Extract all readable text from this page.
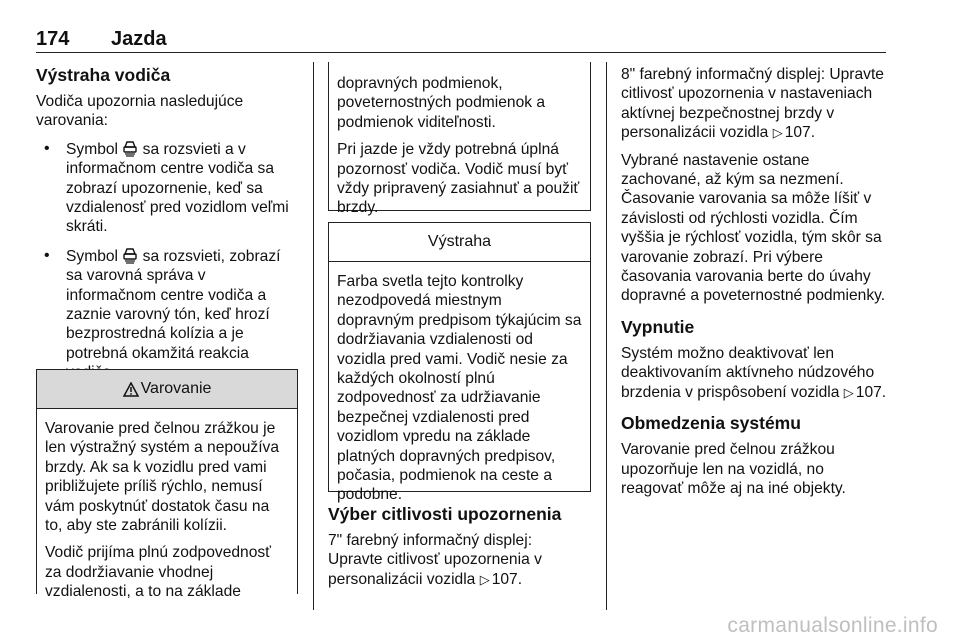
174 Jazda
Výstraha vodiča

Vodiča upozornia nasledujúce varovania:

• Symbol  sa rozsvieti a v informačnom centre vodiča sa zobrazí upozornenie, keď sa vzdialenosť pred vozidlom veľmi skráti.
• Symbol  sa rozsvieti, zobrazí sa varovná správa v informačnom centre vodiča a zaznie varovný tón, keď hrozí bezprostredná kolízia a je potrebná okamžitá reakcia
Varovanie

Varovanie pred čelnou zrážkou je len výstražný systém a nepoužíva brzdy. Ak sa k vozidlu pred vami približujete príliš rýchlo, nemusí vám poskytnúť dostatok času na to, aby ste zabránili kolízii.

Vodič prijíma plnú zodpovednosť za dodržiavanie vhodnej vzdialenosti, a to na základe

dopravných podmienok, poveternostných podmienok a podmienok viditeľnosti.

Pri jazde je vždy potrebná úplná pozornosť vodiča. Vodič musí byť vždy pripravený zasiahnuť a použiť brzdy.

Výstraha

Farba svetla tejto kontrolky nezodpovedá miestnym dopravným predpisom týkajúcim sa dodržiavania vzdialenosti od vozidla pred vami. Vodič nesie za každých okolností plnú zodpovednosť za udržiavanie bezpečnej vzdialenosti pred vozidlom vpredu na základe platných dopravných predpisov, počasia, podmienok na ceste a podobne.

Výber citlivosti upozornenia

7" farebný informačný displej: Upravte citlivosť upozornenia v personalizácii vozidla ▷ 107.

8" farebný informačný displej: Upravte citlivosť upozornenia v nastaveniach aktívnej bezpečnostnej brzdy v personalizácii vozidla ▷ 107.

Vybrané nastavenie ostane zachované, až kým sa nezmení. Časovanie varovania sa môže líšiť v závislosti od rýchlosti vozidla. Čím vyššia je rýchlosť vozidla, tým skôr sa varovanie zobrazí. Pri výbere časovania varovania berte do úvahy dopravné a poveternostné podmienky.

Vypnutie

Systém možno deaktivovať len deaktivovaním aktívneho núdzového brzdenia v prispôsobení vozidla ▷ 107.

Obmedzenia systému

Varovanie pred čelnou zrážkou upozorňuje len na vozidlá, no reagovať môže aj na iné objekty.

carmanualsonline.info
